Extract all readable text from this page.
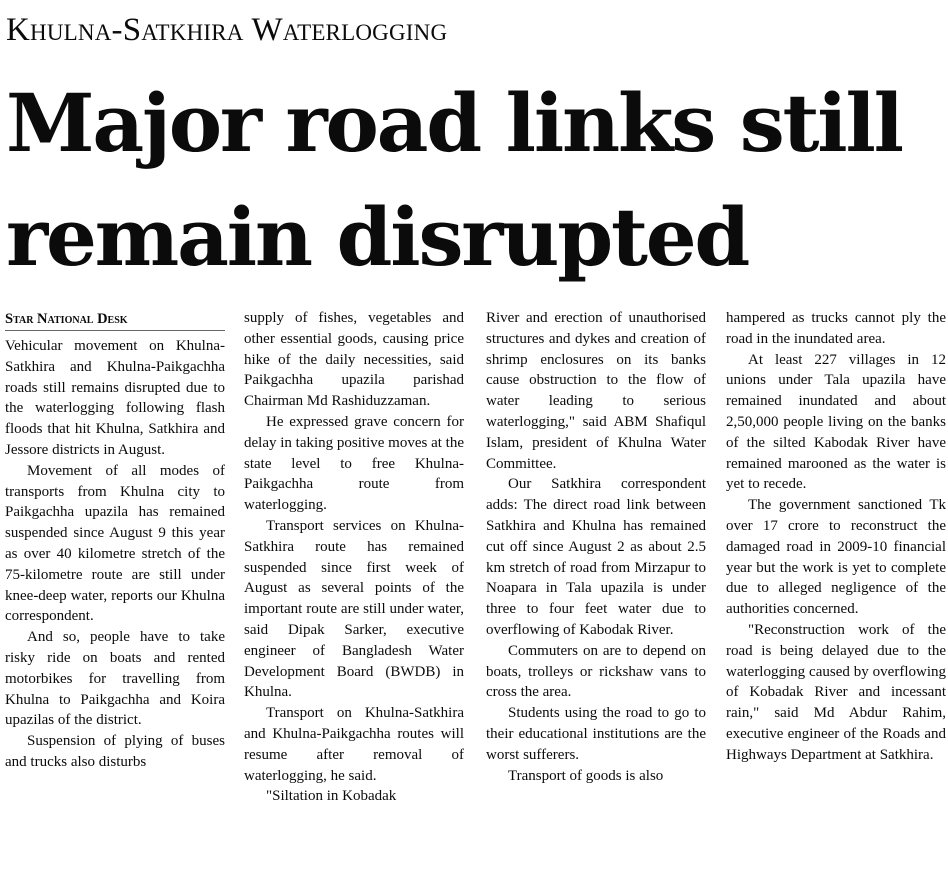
Khulna-Satkhira Waterlogging
Major road links still
remain disrupted
Star National Desk

Vehicular movement on Khulna-Satkhira and Khulna-Paikgachha roads still remains disrupted due to the waterlogging following flash floods that hit Khulna, Satkhira and Jessore districts in August.

Movement of all modes of transports from Khulna city to Paikgachha upazila has remained suspended since August 9 this year as over 40 kilometre stretch of the 75-kilometre route are still under knee-deep water, reports our Khulna correspondent.

And so, people have to take risky ride on boats and rented motorbikes for travelling from Khulna to Paikgachha and Koira upazilas of the district.

Suspension of plying of buses and trucks also disturbs

supply of fishes, vegetables and other essential goods, causing price hike of the daily necessities, said Paikgachha upazila parishad Chairman Md Rashiduzzaman.

He expressed grave concern for delay in taking positive moves at the state level to free Khulna-Paikgachha route from waterlogging.

Transport services on Khulna-Satkhira route has remained suspended since first week of August as several points of the important route are still under water, said Dipak Sarker, executive engineer of Bangladesh Water Development Board (BWDB) in Khulna.

Transport on Khulna-Satkhira and Khulna-Paikgachha routes will resume after removal of waterlogging, he said.

"Siltation in Kobadak

River and erection of unauthorised structures and dykes and creation of shrimp enclosures on its banks cause obstruction to the flow of water leading to serious waterlogging," said ABM Shafiqul Islam, president of Khulna Water Committee.

Our Satkhira correspondent adds: The direct road link between Satkhira and Khulna has remained cut off since August 2 as about 2.5 km stretch of road from Mirzapur to Noapara in Tala upazila is under three to four feet water due to overflowing of Kabodak River.

Commuters on are to depend on boats, trolleys or rickshaw vans to cross the area.

Students using the road to go to their educational institutions are the worst sufferers.

Transport of goods is also

hampered as trucks cannot ply the road in the inundated area.

At least 227 villages in 12 unions under Tala upazila have remained inundated and about 2,50,000 people living on the banks of the silted Kabodak River have remained marooned as the water is yet to recede.

The government sanctioned Tk over 17 crore to reconstruct the damaged road in 2009-10 financial year but the work is yet to complete due to alleged negligence of the authorities concerned.

"Reconstruction work of the road is being delayed due to the waterlogging caused by overflowing of Kobadak River and incessant rain," said Md Abdur Rahim, executive engineer of the Roads and Highways Department at Satkhira.
